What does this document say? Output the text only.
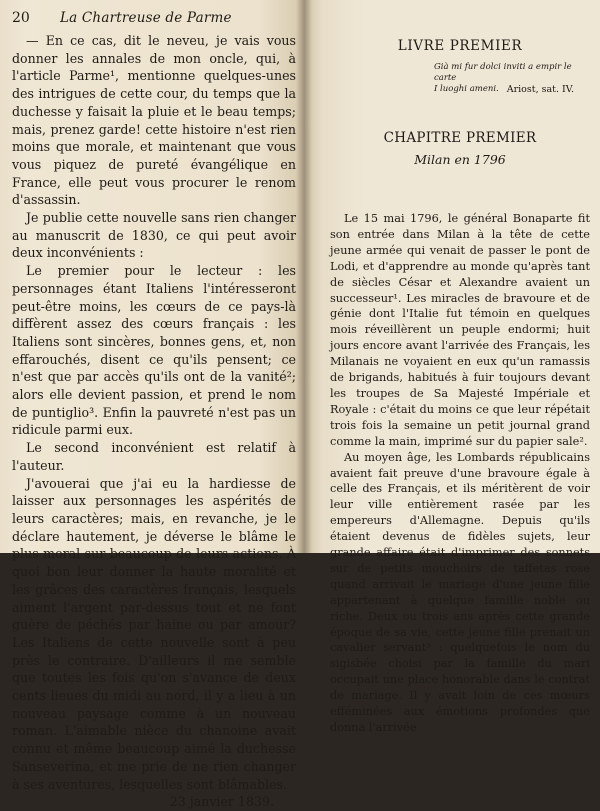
20	La Chartreuse de Parme

— En ce cas, dit le neveu, je vais vous donner les annales de mon oncle, qui, à l'article Parme¹, mentionne quelques-unes des intrigues de cette cour, du temps que la duchesse y faisait la pluie et le beau temps; mais, prenez garde! cette histoire n'est rien moins que morale, et maintenant que vous vous piquez de pureté évangélique en France, elle peut vous procurer le renom d'assassin.

Je publie cette nouvelle sans rien changer au manuscrit de 1830, ce qui peut avoir deux inconvénients :

Le premier pour le lecteur : les personnages étant Italiens l'intéresseront peut-être moins, les cœurs de ce pays-là diffèrent assez des cœurs français : les Italiens sont sincères, bonnes gens, et, non effarouchés, disent ce qu'ils pensent; ce n'est que par accès qu'ils ont de la vanité²; alors elle devient passion, et prend le nom de puntiglio³. Enfin la pauvreté n'est pas un ridicule parmi eux.

Le second inconvénient est relatif à l'auteur.

J'avouerai que j'ai eu la hardiesse de laisser aux personnages les aspérités de leurs caractères; mais, en revanche, je le déclare hautement, je déverse le blâme le plus moral sur beaucoup de leurs actions. À quoi bon leur donner la haute moralité et les grâces des caractères français, lesquels aiment l'argent par-dessus tout et ne font guère de péchés par haine ou par amour? Les Italiens de cette nouvelle sont à peu près le contraire. D'ailleurs il me semble que toutes les fois qu'on s'avance de deux cents lieues du midi au nord, il y a lieu à un nouveau paysage comme à un nouveau roman. L'aimable nièce du chanoine avait connu et même beaucoup aimé la duchesse Sanseverina, et me prie de ne rien changer à ses aventures, lesquelles sont blâmables.

23 janvier 1839.
LIVRE PREMIER
Già mi fur dolci inviti a empir le carte
I luoghi ameni. Ariost, sat. IV.
CHAPITRE PREMIER
Milan en 1796

Le 15 mai 1796, le général Bonaparte fit son entrée dans Milan à la tête de cette jeune armée qui venait de passer le pont de Lodi, et d'apprendre au monde qu'après tant de siècles César et Alexandre avaient un successeur¹. Les miracles de bravoure et de génie dont l'Italie fut témoin en quelques mois réveillèrent un peuple endormi; huit jours encore avant l'arrivée des Français, les Milanais ne voyaient en eux qu'un ramassis de brigands, habitués à fuir toujours devant les troupes de Sa Majesté Impériale et Royale : c'était du moins ce que leur répétait trois fois la semaine un petit journal grand comme la main, imprimé sur du papier sale².

Au moyen âge, les Lombards républicains avaient fait preuve d'une bravoure égale à celle des Français, et ils méritèrent de voir leur ville entièrement rasée par les empereurs d'Allemagne. Depuis qu'ils étaient devenus de fidèles sujets, leur grande affaire était d'imprimer des sonnets sur de petits mouchoirs de taffetas rose quand arrivait le mariage d'une jeune fille appartenant à quelque famille noble ou riche. Deux ou trois ans après cette grande époque de sa vie, cette jeune fille prenait un cavalier servant³ : quelquefois le nom du sigisbée choisi par la famille du mari occupait une place honorable dans le contrat de mariage. Il y avait loin de ces mœurs efféminées aux émotions profondes que donna l'arrivée
